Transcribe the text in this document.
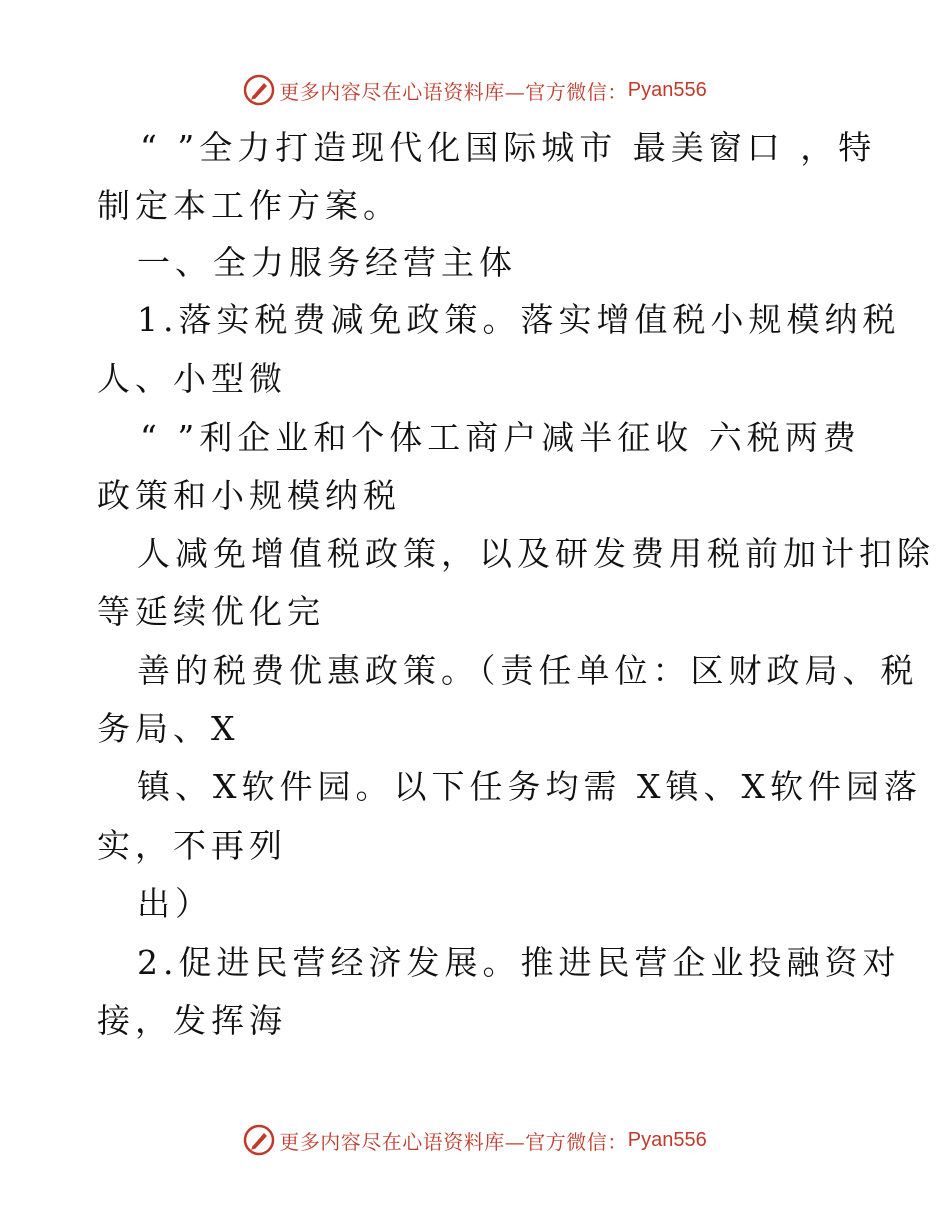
更多内容尽在心语资料库—官方微信： Pyan556
“ ”全力打造现代化国际城市 最美窗口 ，特
制定本工作方案。
一、全力服务经营主体
1.落实税费减免政策。落实增值税小规模纳税
人、小型微
“ ”利企业和个体工商户减半征收 六税两费
政策和小规模纳税
人减免增值税政策，以及研发费用税前加计扣除
等延续优化完
善的税费优惠政策。（责任单位：区财政局、税
务局、X
镇、X软件园。以下任务均需 X镇、X软件园落
实，不再列
出）
2.促进民营经济发展。推进民营企业投融资对
接，发挥海
更多内容尽在心语资料库—官方微信： Pyan556
